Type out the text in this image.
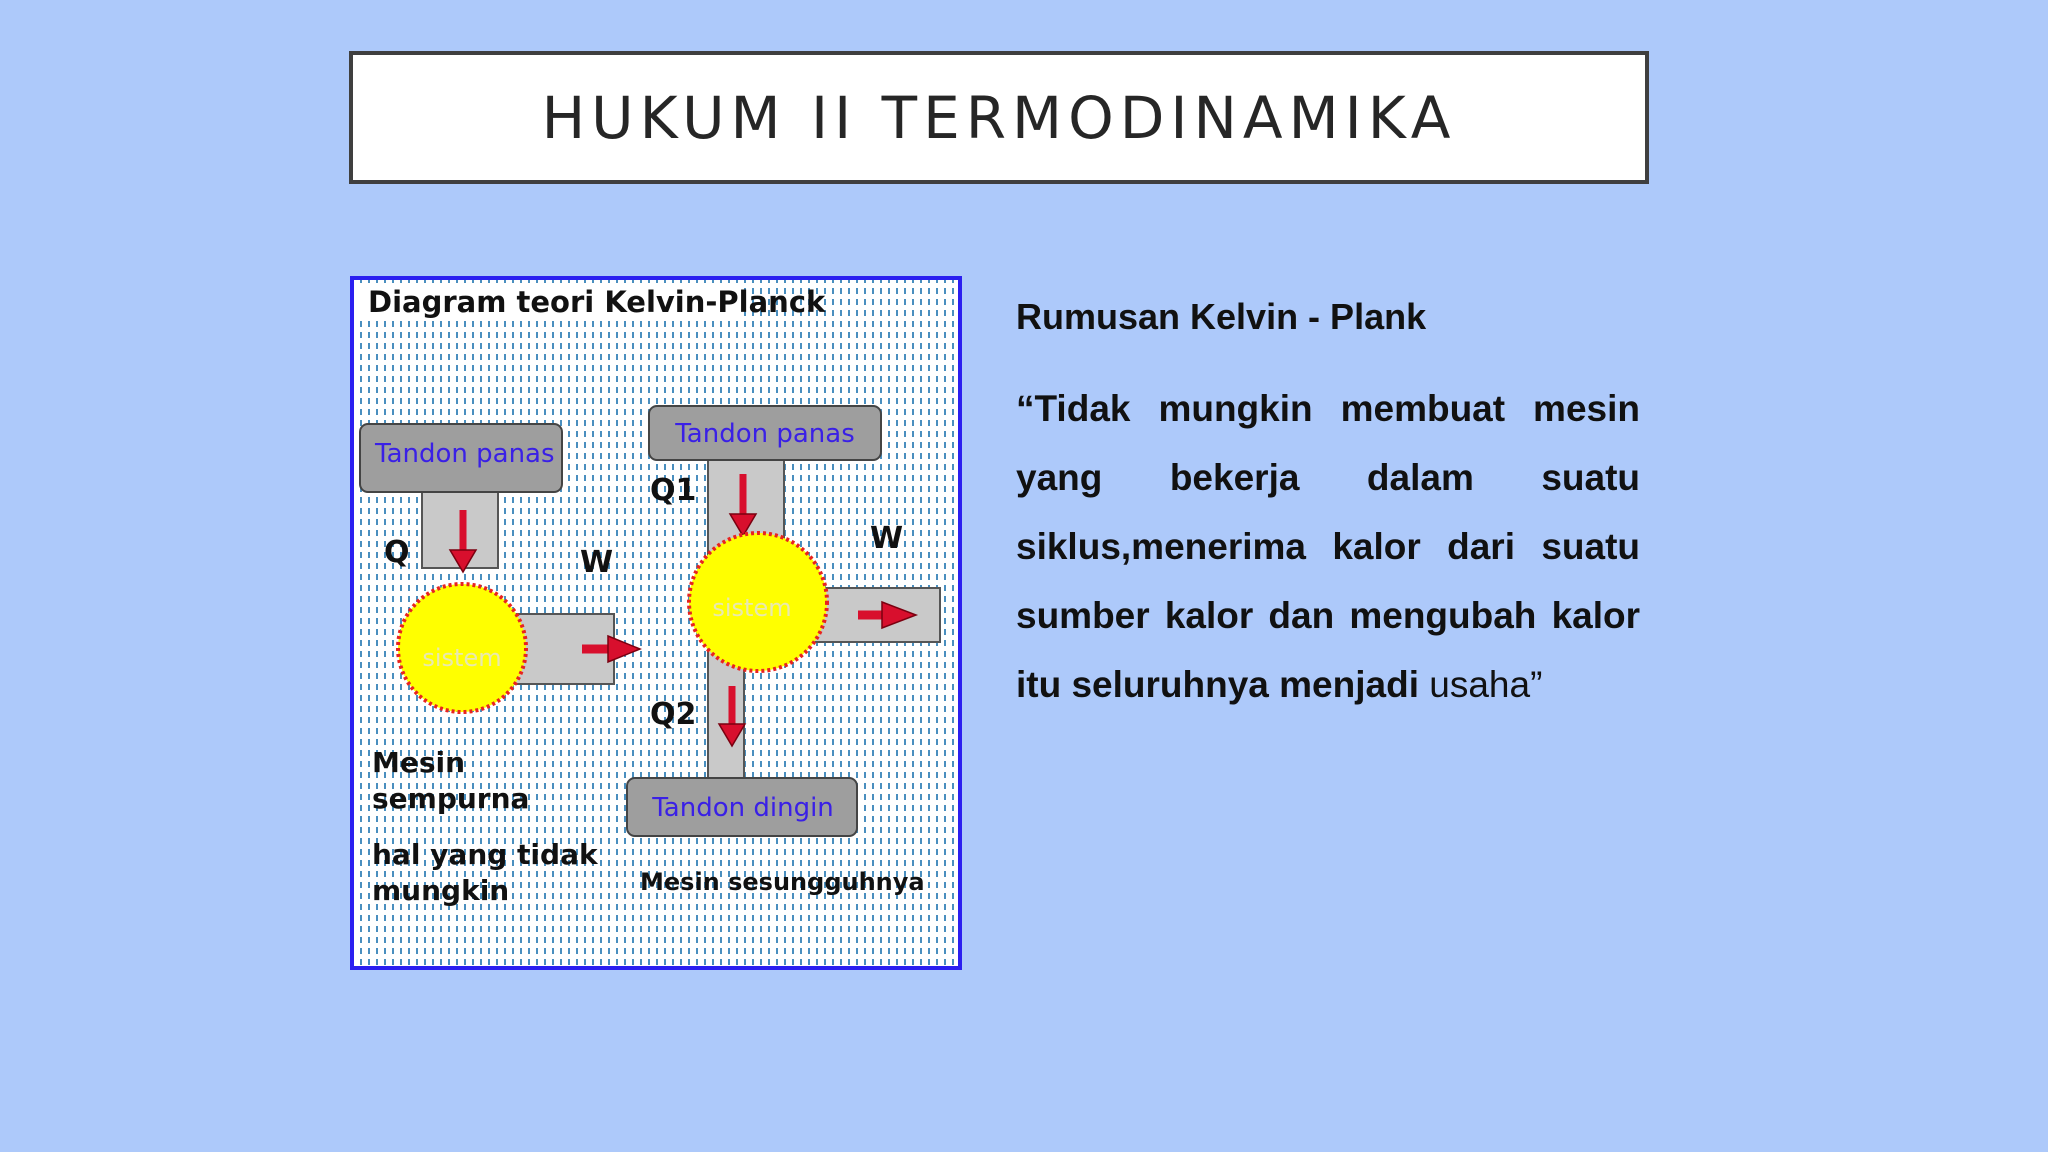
HUKUM II TERMODINAMIKA
Diagram teori Kelvin-Planck
Tandon panas
Q	W
sistem
Mesin
sempurna
hal yang tidak
mungkin
Tandon panas
Q1
W
sistem
Q2
Tandon dingin
Mesin sesungguhnya

Rumusan Kelvin - Plank

“Tidak mungkin membuat mesin yang bekerja dalam suatu siklus,menerima kalor dari suatu sumber kalor dan mengubah kalor itu seluruhnya menjadi usaha”
